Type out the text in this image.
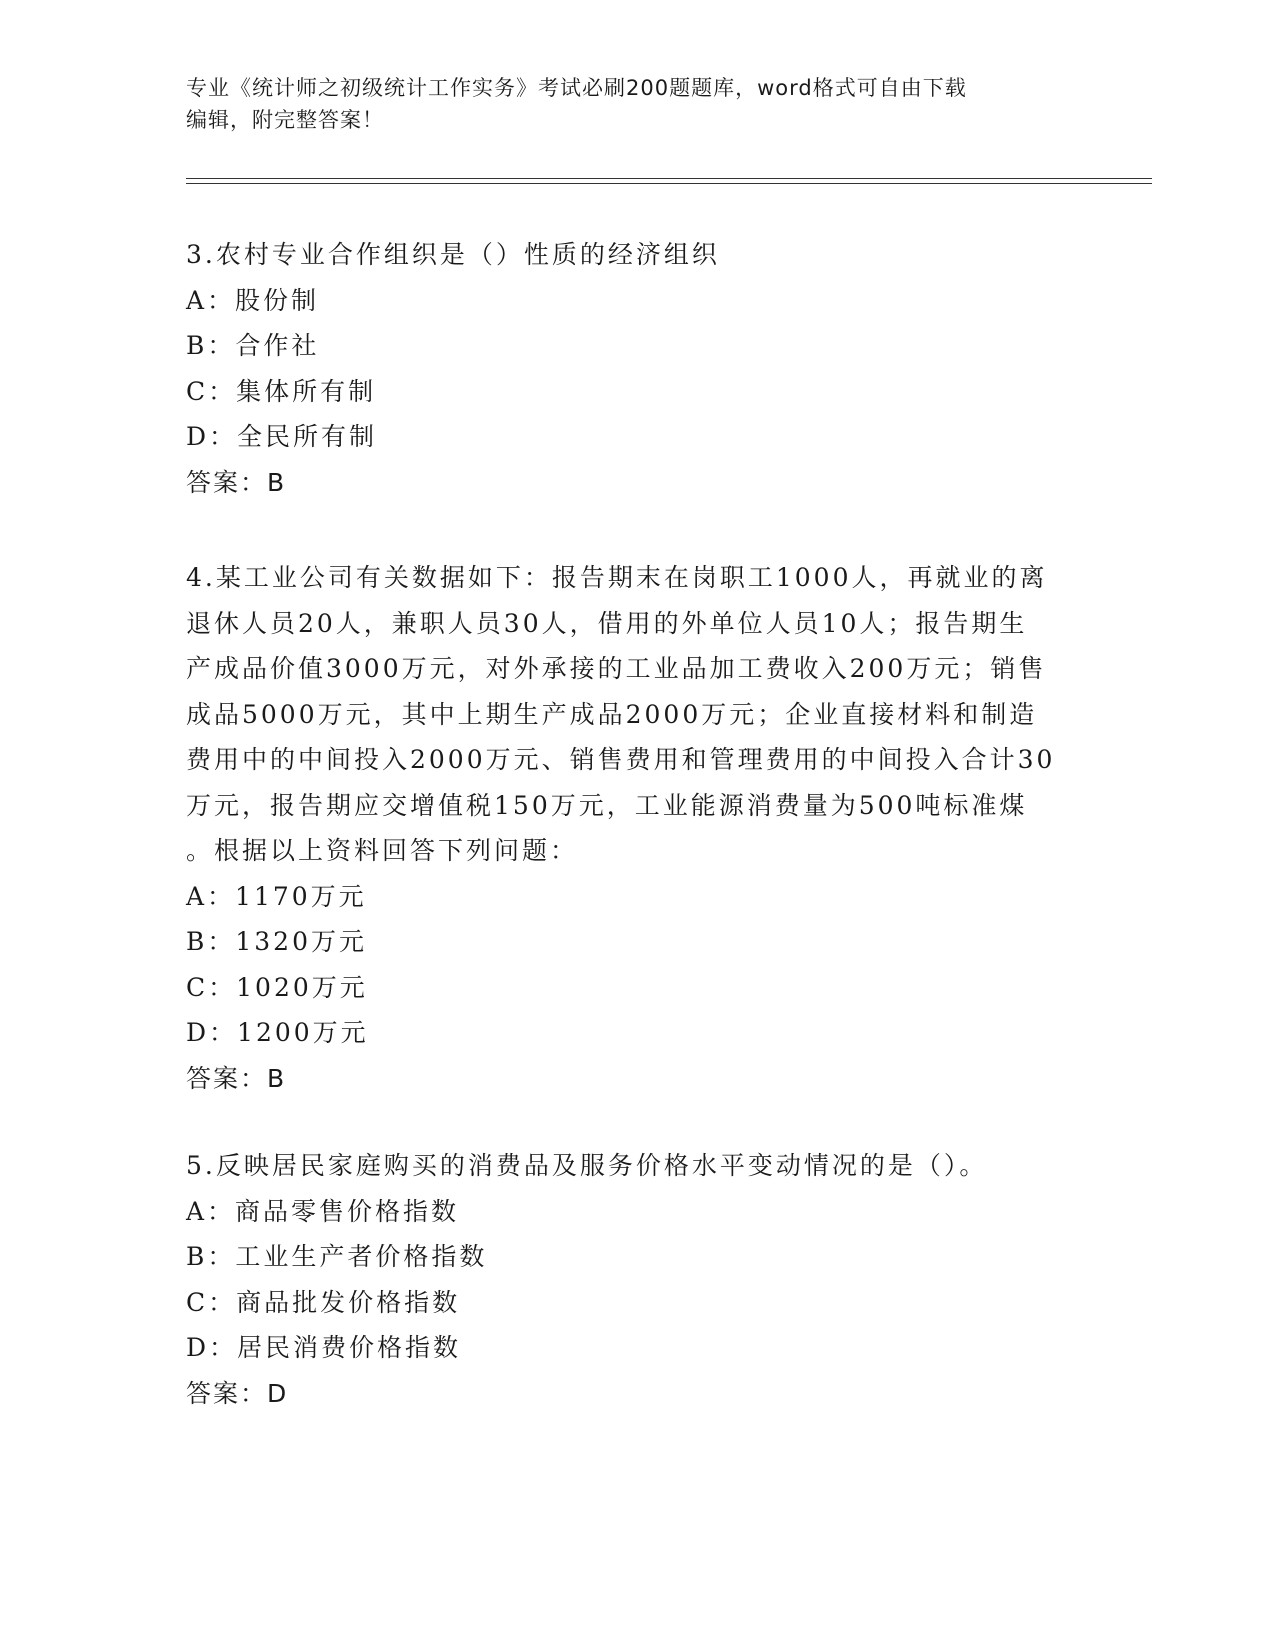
专业《统计师之初级统计工作实务》考试必刷200题题库，word格式可自由下载
编辑，附完整答案！
3.农村专业合作组织是（）性质的经济组织
A：股份制
B：合作社
C：集体所有制
D：全民所有制
答案：B
4.某工业公司有关数据如下：报告期末在岗职工1000人，再就业的离
退休人员20人，兼职人员30人，借用的外单位人员10人；报告期生
产成品价值3000万元，对外承接的工业品加工费收入200万元；销售
成品5000万元，其中上期生产成品2000万元；企业直接材料和制造
费用中的中间投入2000万元、销售费用和管理费用的中间投入合计30
万元，报告期应交增值税150万元，工业能源消费量为500吨标准煤
。根据以上资料回答下列问题：
A：1170万元
B：1320万元
C：1020万元
D：1200万元
答案：B
5.反映居民家庭购买的消费品及服务价格水平变动情况的是（）。
A：商品零售价格指数
B：工业生产者价格指数
C：商品批发价格指数
D：居民消费价格指数
答案：D
